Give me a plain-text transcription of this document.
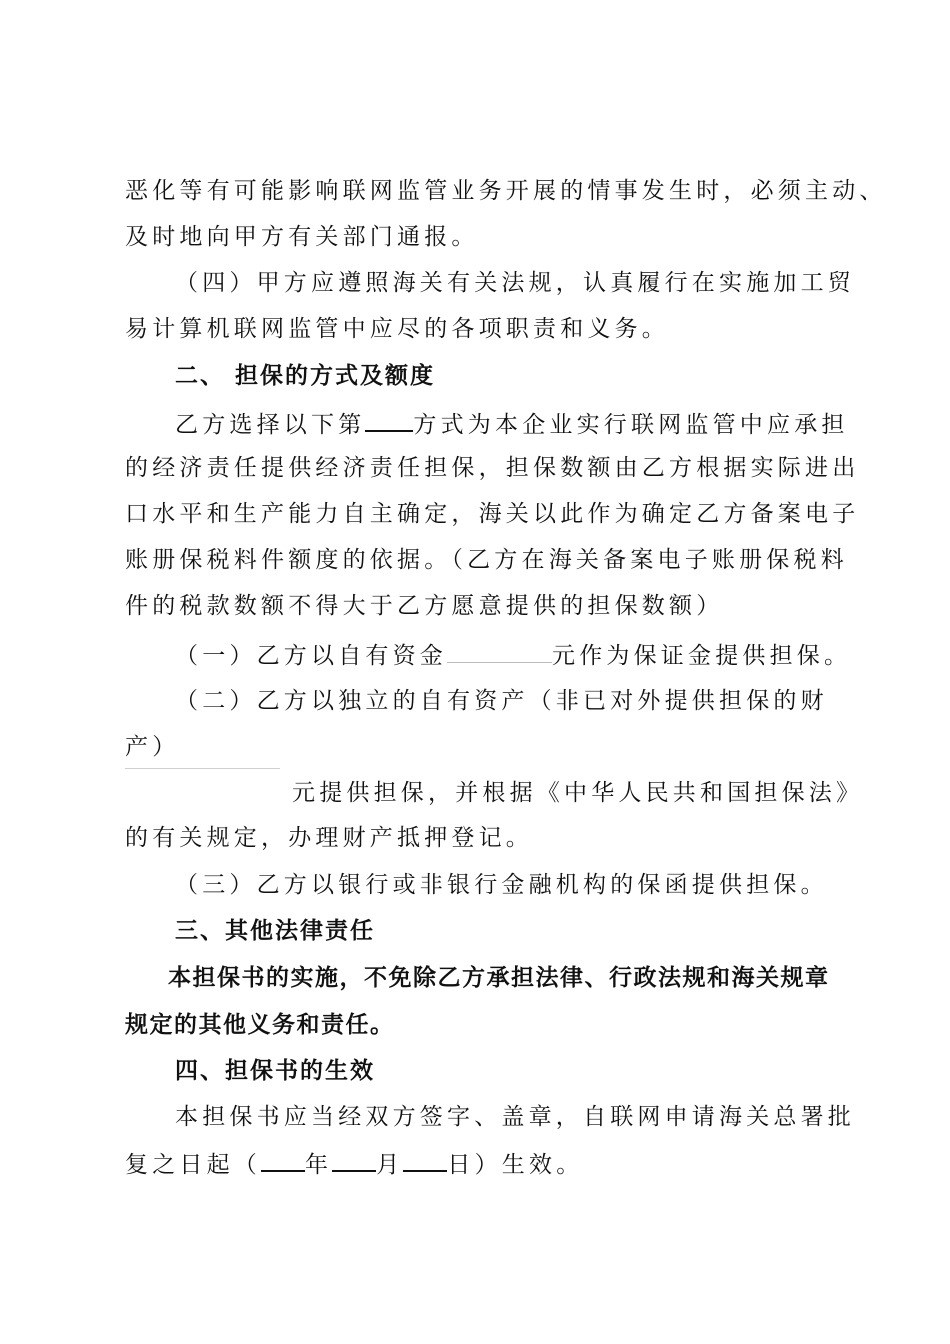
恶化等有可能影响联网监管业务开展的情事发生时，必须主动、
及时地向甲方有关部门通报。
（四）甲方应遵照海关有关法规，认真履行在实施加工贸
易计算机联网监管中应尽的各项职责和义务。
二、 担保的方式及额度
乙方选择以下第 方式为本企业实行联网监管中应承担
的经济责任提供经济责任担保，担保数额由乙方根据实际进出
口水平和生产能力自主确定，海关以此作为确定乙方备案电子
账册保税料件额度的依据。（乙方在海关备案电子账册保税料
件的税款数额不得大于乙方愿意提供的担保数额）
（一）乙方以自有资金	元作为保证金提供担保。
（二）乙方以独立的自有资产（非已对外提供担保的财
产）
元提供担保，并根据《中华人民共和国担保法》
的有关规定，办理财产抵押登记。
（三）乙方以银行或非银行金融机构的保函提供担保。
三、其他法律责任
本担保书的实施，不免除乙方承担法律、行政法规和海关规章
规定的其他义务和责任。
四、担保书的生效
本担保书应当经双方签字、盖章，自联网申请海关总署批
复之日起（ 年 月 日）生效。
